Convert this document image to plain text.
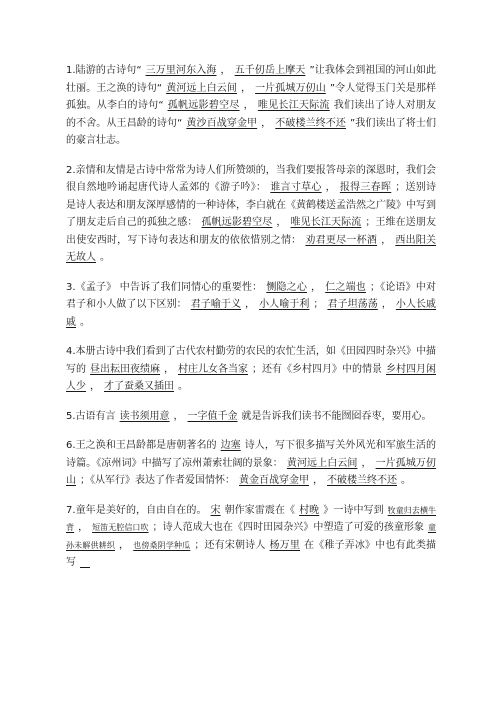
1.陆游的古诗句“ 三万里河东入海 ， 五千仞岳上摩天 ”让我体会到祖国的河山如此壮丽。王之涣的诗句“ 黄河远上白云间 ， 一片孤城万仞山 ”令人觉得玉门关是那样孤独。从李白的诗句“ 孤帆远影碧空尽 ， 唯见长江天际流 我们读出了诗人对朋友的不舍。从王昌龄的诗句“ 黄沙百战穿金甲 ， 不破楼兰终不还 ”我们读出了将士们的豪言壮志。

2.亲情和友情是古诗中常常为诗人们所赞颂的，当我们要报答母亲的深恩时，我们会很自然地吟诵起唐代诗人孟郊的《游子吟》： 谁言寸草心 ， 报得三春晖 ；送别诗是诗人表达和朋友深厚感情的一种诗体，李白就在《黄鹤楼送孟浩然之广陵》中写到了朋友走后自己的孤独之感： 孤帆远影碧空尽 ， 唯见长江天际流 ；王维在送朋友出使安西时，写下诗句表达和朋友的依依惜别之情： 劝君更尽一杯酒 ， 西出阳关无故人 。

3.《孟子》 中告诉了我们同情心的重要性： 恻隐之心 ， 仁之端也 ；《论语》中对君子和小人做了以下区别： 君子喻于义 ， 小人喻于利 ； 君子坦荡荡 ， 小人长戚戚 。

4.本册古诗中我们看到了古代农村勤劳的农民的农忙生活，如《田园四时杂兴》中描写的 昼出耘田夜绩麻 ， 村庄儿女各当家 ；还有《乡村四月》中的情景 乡村四月闲人少 ， 才了蚕桑又插田 。

5.古语有言 读书须用意 ， 一字值千金 就是告诉我们读书不能囫囵吞枣，要用心。

6.王之涣和王昌龄都是唐朝著名的 边塞 诗人，写下很多描写关外风光和军旅生活的诗篇。《凉州词》中描写了凉州萧索壮阔的景象： 黄河远上白云间 ， 一片孤城万仞山 ；《从军行》表达了作者爱国情怀： 黄金百战穿金甲 ， 不破楼兰终不还 。

7.童年是美好的，自由自在的。 宋 朝作家雷震在《 村晚 》一诗中写到 牧童归去横牛背 ， 短笛无腔信口吹 ；诗人范成大也在《四时田园杂兴》中塑造了可爱的孩童形象 童孙未解供耕织 ， 也傍桑阴学种瓜 ；还有宋朝诗人 杨万里 在《稚子弄冰》中也有此类描写　
